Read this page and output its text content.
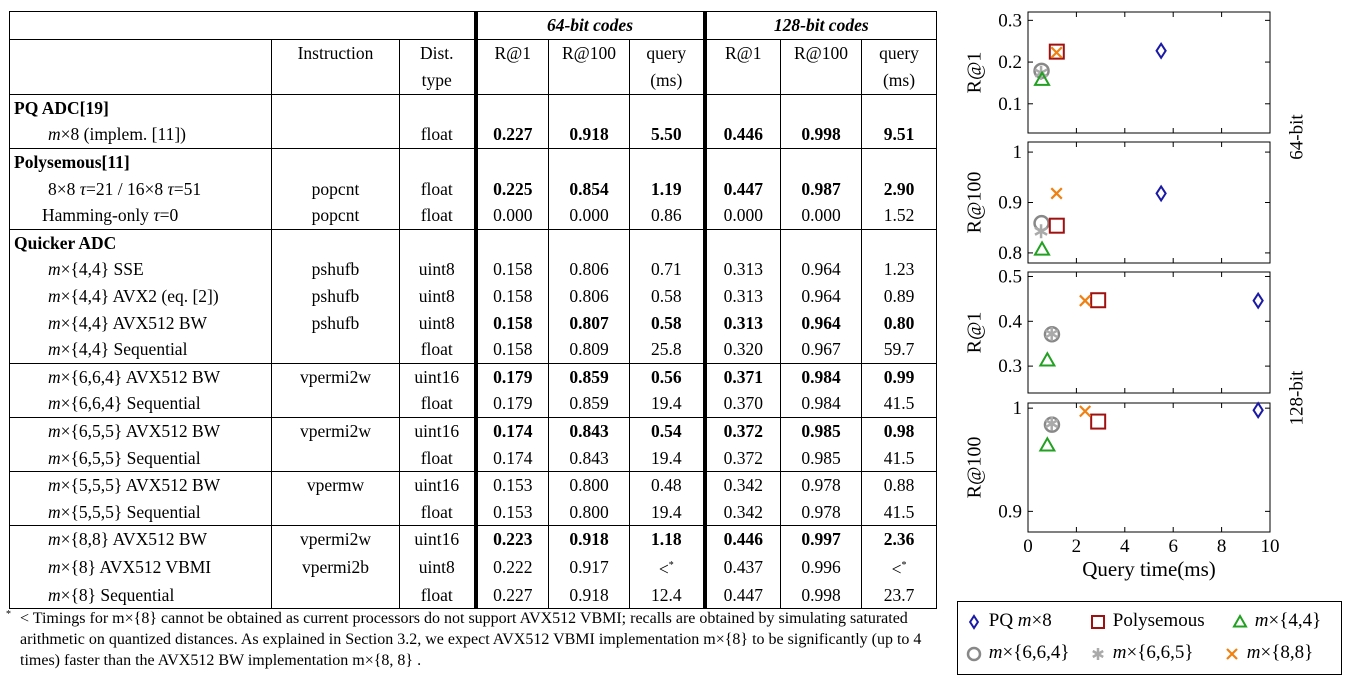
			64-bit codes			128-bit codes		
	Instruction	Dist.	R@1	R@100	query	R@1	R@100	query
		type			(ms)			(ms)
PQ ADC[19]								
m×8 (implem. [11])		float	0.227	0.918	5.50	0.446	0.998	9.51
Polysemous[11]								
8×8 τ=21 / 16×8 τ=51	popcnt	float	0.225	0.854	1.19	0.447	0.987	2.90
Hamming-only τ=0	popcnt	float	0.000	0.000	0.86	0.000	0.000	1.52
Quicker ADC								
m×{4,4} SSE	pshufb	uint8	0.158	0.806	0.71	0.313	0.964	1.23
m×{4,4} AVX2 (eq. [2])	pshufb	uint8	0.158	0.806	0.58	0.313	0.964	0.89
m×{4,4} AVX512 BW	pshufb	uint8	0.158	0.807	0.58	0.313	0.964	0.80
m×{4,4} Sequential		float	0.158	0.809	25.8	0.320	0.967	59.7
m×{6,6,4} AVX512 BW	vpermi2w	uint16	0.179	0.859	0.56	0.371	0.984	0.99
m×{6,6,4} Sequential		float	0.179	0.859	19.4	0.370	0.984	41.5
m×{6,5,5} AVX512 BW	vpermi2w	uint16	0.174	0.843	0.54	0.372	0.985	0.98
m×{6,5,5} Sequential		float	0.174	0.843	19.4	0.372	0.985	41.5
m×{5,5,5} AVX512 BW	vpermw	uint16	0.153	0.800	0.48	0.342	0.978	0.88
m×{5,5,5} Sequential		float	0.153	0.800	19.4	0.342	0.978	41.5
m×{8,8} AVX512 BW	vpermi2w	uint16	0.223	0.918	1.18	0.446	0.997	2.36
m×{8} AVX512 VBMI	vpermi2b	uint8	0.222	0.917	<*	0.437	0.996	<*
m×{8} Sequential		float	0.227	0.918	12.4	0.447	0.998	23.7
* < Timings for m×{8} cannot be obtained as current processors do not support AVX512 VBMI; recalls are obtained by simulating saturated arithmetic on quantized distances. As explained in Section 3.2, we expect AVX512 VBMI implementation m×{8} to be significantly (up to 4 times) faster than the AVX512 BW implementation m×{8, 8} .
0.1
0.2
0.3
R@1
0.8
0.9
1
R@100
0.3
0.4
0.5
R@1
0.9
1
R@100
0 2 4 6 8 10
Query time(ms)
64-bit
128-bit
PQ m×8	Polysemous	m×{4,4}
m×{6,6,4}	m×{6,6,5}	m×{8,8}
